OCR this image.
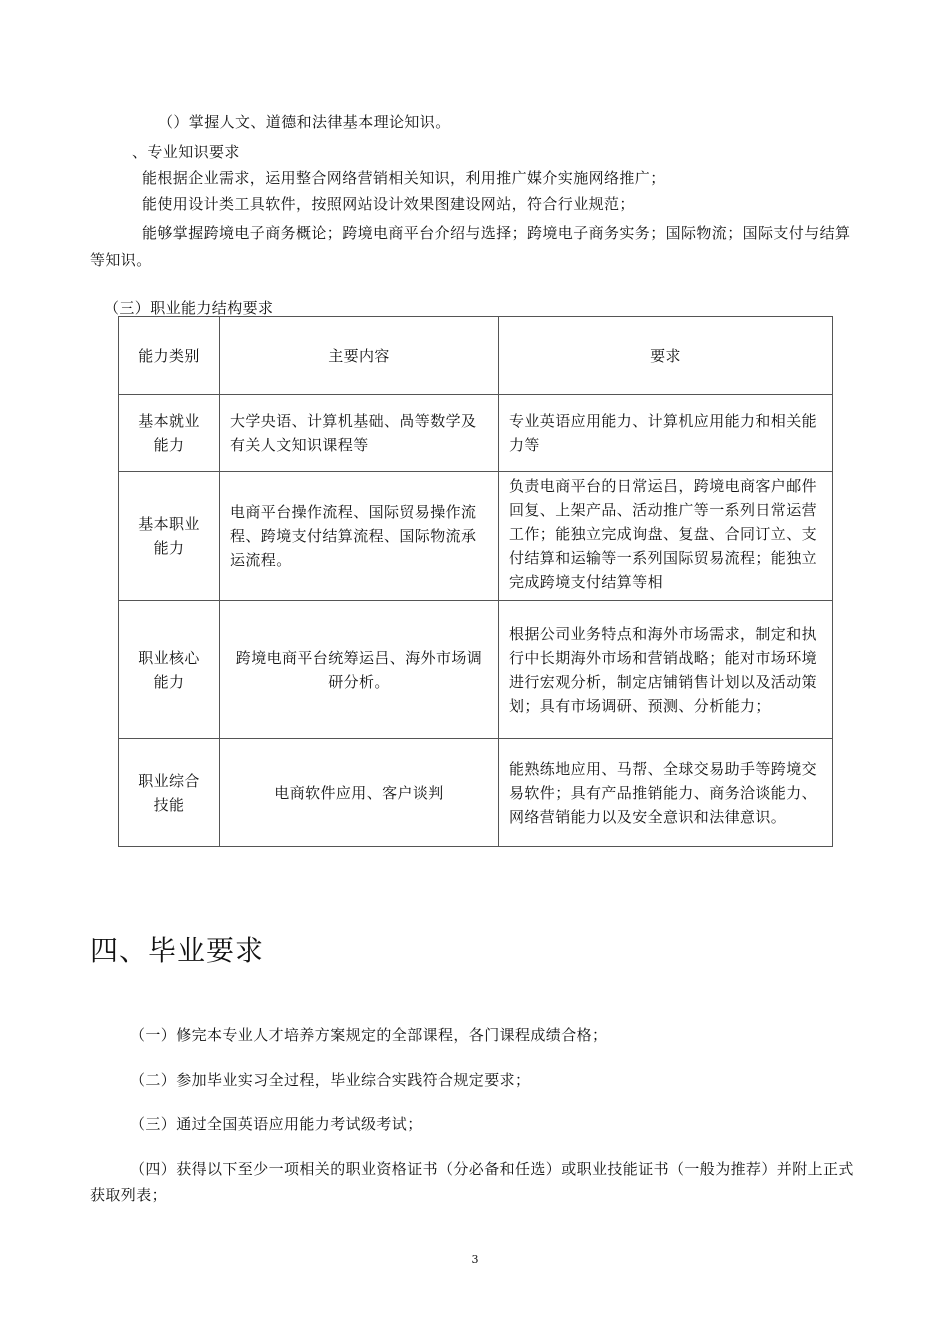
（）掌握人文、道德和法律基本理论知识。
、专业知识要求
能根据企业需求，运用整合网络营销相关知识，利用推广媒介实施网络推广；
能使用设计类工具软件，按照网站设计效果图建设网站，符合行业规范；
能够掌握跨境电子商务概论；跨境电商平台介绍与选择；跨境电子商务实务；国际物流；国际支付与结算等知识。
（三）职业能力结构要求
能力类别	主要内容	要求
基本就业能力	大学央语、计算机基础、咼等数学及有关人文知识课程等	专业英语应用能力、计算机应用能力和相关能力等
基本职业能力	电商平台操作流程、国际贸易操作流程、跨境支付结算流程、国际物流承运流程。	负责电商平台的日常运吕，跨境电商客户邮件回复、上架产品、活动推广等一系列日常运营工作；能独立完成询盘、复盘、合同订立、支付结算和运输等一系列国际贸易流程；能独立完成跨境支付结算等相

职业核心能力	跨境电商平台统筹运吕、海外市场调研分析。	根据公司业务特点和海外市场需求，制定和执行中长期海外市场和营销战略；能对市场环境进行宏观分析，制定店铺销售计划以及活动策划；具有市场调研、预测、分析能力；
职业综合技能	电商软件应用、客户谈判	能熟练地应用、马帮、全球交易助手等跨境交易软件；具有产品推销能力、商务洽谈能力、网络营销能力以及安全意识和法律意识。
四、毕业要求
（一）修完本专业人才培养方案规定的全部课程，各门课程成绩合格；
（二）参加毕业实习全过程，毕业综合实践符合规定要求；
（三）通过全国英语应用能力考试级考试；
（四）获得以下至少一项相关的职业资格证书（分必备和任选）或职业技能证书（一般为推荐）并附上正式获取列表；
3
